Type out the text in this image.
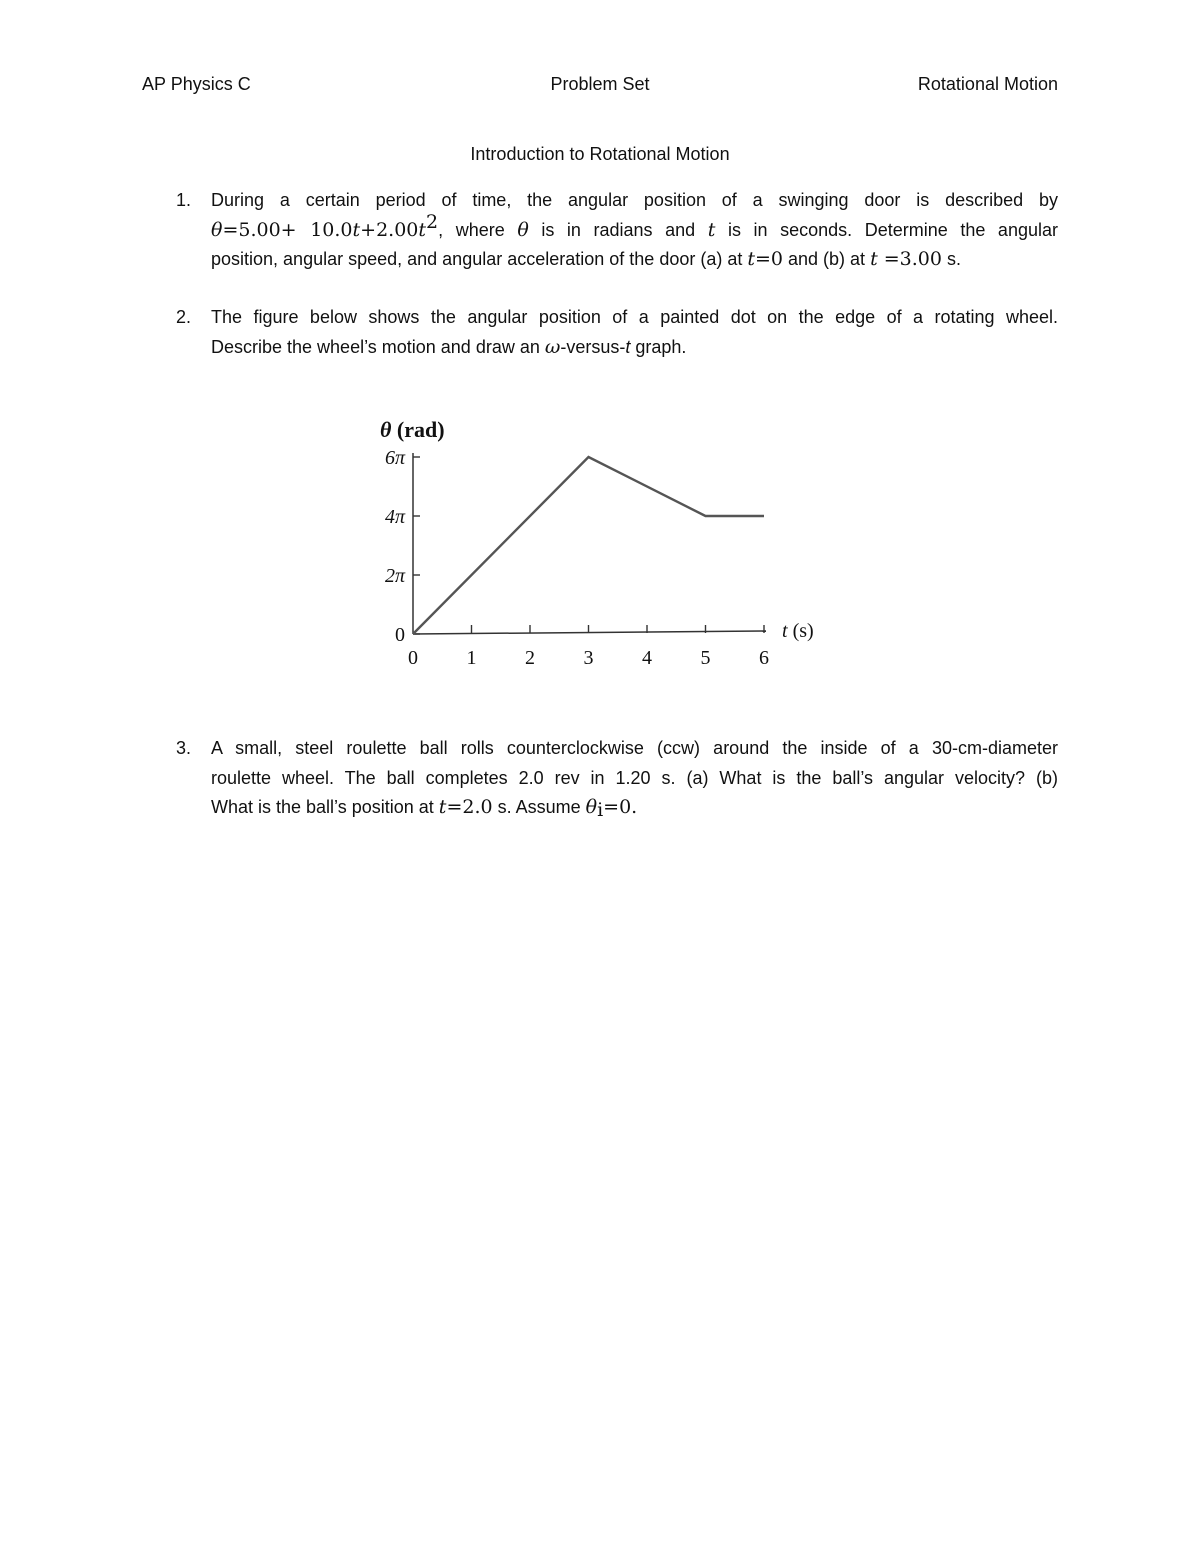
AP Physics C	Problem Set	Rotational Motion
Introduction to Rotational Motion
1. During a certain period of time, the angular position of a swinging door is described by
$\theta=5.00+ 10.0t+2.00t^2$, where θ is in radians and t is in seconds. Determine the angular
position, angular speed, and angular acceleration of the door (a) at t=0 and (b) at t =3.00 s.
2. The figure below shows the angular position of a painted dot on the edge of a rotating wheel.
Describe the wheel’s motion and draw an ω-versus-t graph.
θ (rad)
0
2π
4π
6π
0 1 2 3 4 5 6
t (s)
3. A small, steel roulette ball rolls counterclockwise (ccw) around the inside of a 30-cm-diameter
roulette wheel. The ball completes 2.0 rev in 1.20 s. (a) What is the ball’s angular velocity? (b)
What is the ball’s position at t=2.0 s. Assume $\theta_i=0$.
